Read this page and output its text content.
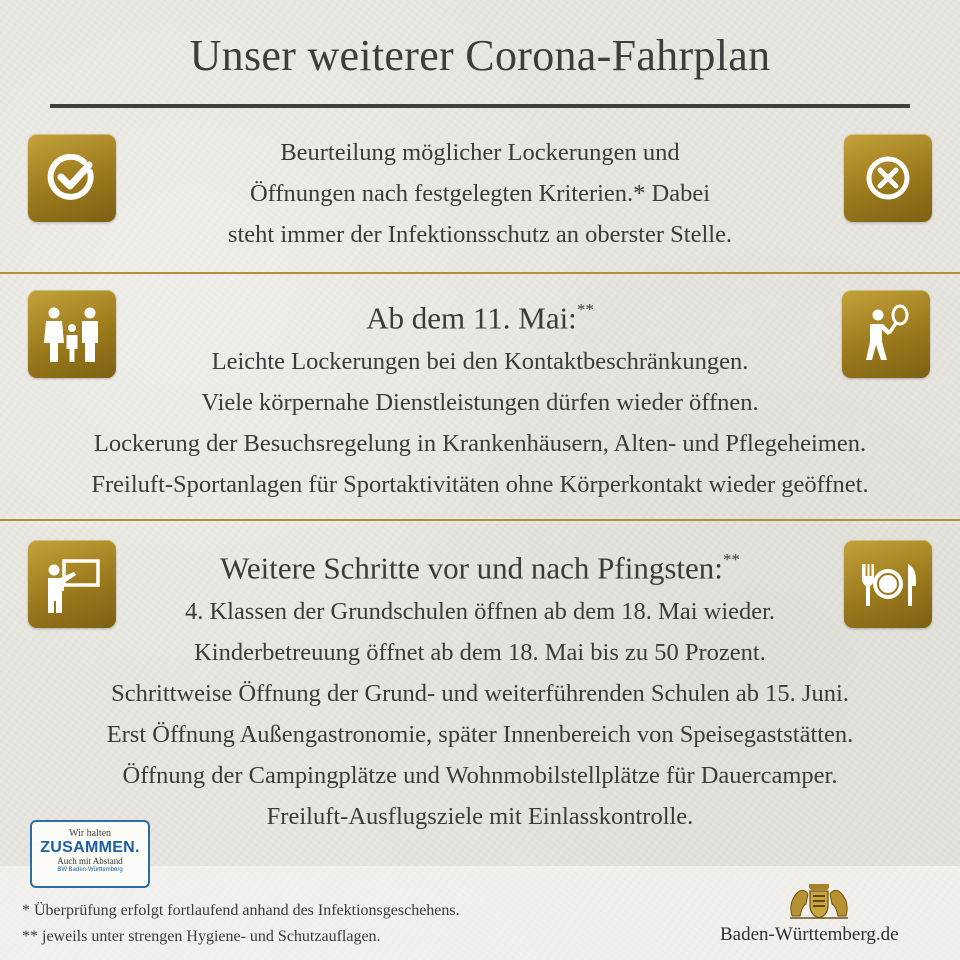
Unser weiterer Corona-Fahrplan
Beurteilung möglicher Lockerungen und
Öffnungen nach festgelegten Kriterien.* Dabei
steht immer der Infektionsschutz an oberster Stelle.
Ab dem 11. Mai:**
Leichte Lockerungen bei den Kontaktbeschränkungen.
Viele körpernahe Dienstleistungen dürfen wieder öffnen.
Lockerung der Besuchsregelung in Krankenhäusern, Alten- und Pflegeheimen.
Freiluft-Sportanlagen für Sportaktivitäten ohne Körperkontakt wieder geöffnet.
Weitere Schritte vor und nach Pfingsten:**
4. Klassen der Grundschulen öffnen ab dem 18. Mai wieder.
Kinderbetreuung öffnet ab dem 18. Mai bis zu 50 Prozent.
Schrittweise Öffnung der Grund- und weiterführenden Schulen ab 15. Juni.
Erst Öffnung Außengastronomie, später Innenbereich von Speisegaststätten.
Öffnung der Campingplätze und Wohnmobilstellplätze für Dauercamper.
Freiluft-Ausflugsziele mit Einlasskontrolle.
Wir halten
ZUSAMMEN.
Auch mit Abstand
BW Baden-Württemberg
* Überprüfung erfolgt fortlaufend anhand des Infektionsgeschehens.
** jeweils unter strengen Hygiene- und Schutzauflagen.	Baden-Württemberg.de
